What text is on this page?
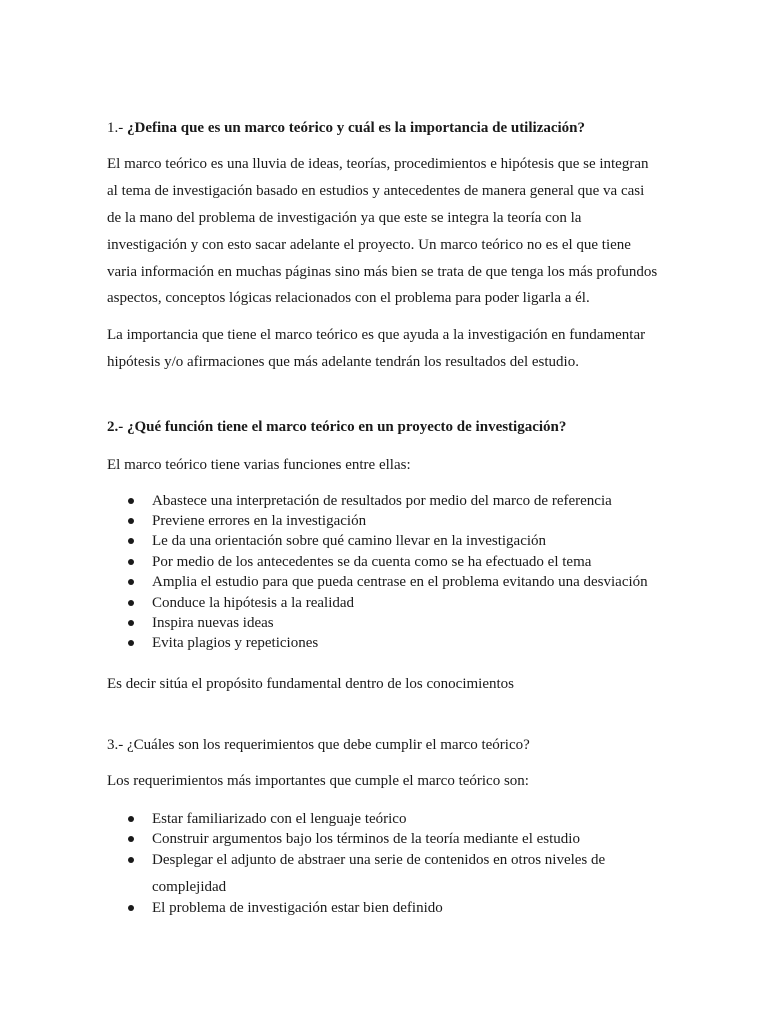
1.- ¿Defina que es un marco teórico y cuál es la importancia de utilización?
El marco teórico es una lluvia de ideas, teorías, procedimientos e hipótesis que se integran
al tema de investigación basado en estudios y antecedentes de manera general que va casi
de la mano del problema de investigación ya que este se integra la teoría con la
investigación y con esto sacar adelante el proyecto. Un marco teórico no es el que tiene
varia información en muchas páginas sino más bien se trata de que tenga los más profundos
aspectos, conceptos lógicas relacionados con el problema para poder ligarla a él.
La importancia que tiene el marco teórico es que ayuda a la investigación en fundamentar
hipótesis y/o afirmaciones que más adelante tendrán los resultados del estudio.
2.- ¿Qué función tiene el marco teórico en un proyecto de investigación?
El marco teórico tiene varias funciones entre ellas:
Abastece una interpretación de resultados por medio del marco de referencia
Previene errores en la investigación
Le da una orientación sobre qué camino llevar en la investigación
Por medio de los antecedentes se da cuenta como se ha efectuado el tema
Amplia el estudio para que pueda centrase en el problema evitando una desviación
Conduce la hipótesis a la realidad
Inspira nuevas ideas
Evita plagios y repeticiones
Es decir sitúa el propósito fundamental dentro de los conocimientos
3.- ¿Cuáles son los requerimientos que debe cumplir el marco teórico?
Los requerimientos más importantes que cumple el marco teórico son:
Estar familiarizado con el lenguaje teórico
Construir argumentos bajo los términos de la teoría mediante el estudio
Desplegar el adjunto de abstraer una serie de contenidos en otros niveles de
complejidad
El problema de investigación estar bien definido
